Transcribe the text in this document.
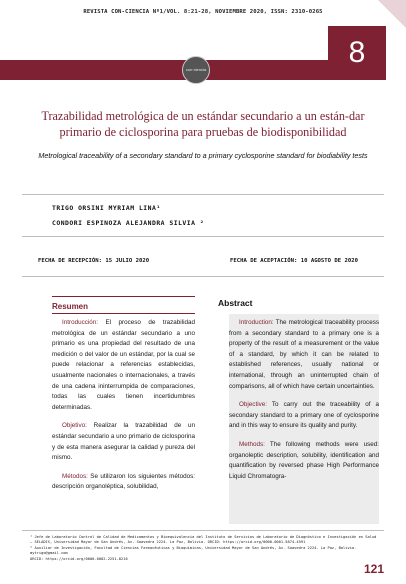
REVISTA CON-CIENCIA Nº1/VOL. 8:21-28, NOVIEMBRE 2020, ISSN: 2310-0265
8
con·ciencia
Trazabilidad metrológica de un estándar secundario a un están-dar primario de ciclosporina para pruebas de biodisponibilidad
Metrological traceability of a secondary standard to a primary cyclosporine standard for biodiability tests
TRIGO ORSINI MYRIAM LINA¹
CONDORI ESPINOZA ALEJANDRA SILVIA ²
FECHA DE RECEPCIÓN: 15 JULIO 2020	FECHA DE ACEPTACIÓN: 10 AGOSTO DE 2020
Resumen	Abstract

Introducción: El proceso de trazabilidad metrológica de un estándar secundario a uno primario es una propiedad del resultado de una medición o del valor de un estándar, por la cual se puede relacionar a referencias establecidas, usualmente nacionales o internacionales, a través de una cadena ininterrumpida de comparaciones, todas las cuales tienen incertidumbres determinadas.

Objetivo: Realizar la trazabilidad de un estándar secundario a uno primario de ciclosporina y de esta manera asegurar la calidad y pureza del mismo.

Métodos: Se utilizaron los siguientes métodos: descripción organoléptica, solubilidad,

Introduction: The metrological traceability process from a secondary standard to a primary one is a property of the result of a measurement or the value of a standard, by which it can be related to established references, usually national or international, through an uninterrupted chain of comparisons, all of which have certain uncertainties.

Objective: To carry out the traceability of a secondary standard to a primary one of cyclosporine and in this way to ensure its quality and purity.

Methods: The following methods were used: organoleptic description, solubility, identification and quantification by reversed phase High Performance Liquid Chromatogra-

¹ Jefe de Laboratorio Control de Calidad de Medicamentos y Bioequivalencia del Instituto de Servicios de Laboratorio de Diagnóstico e Investigación en Salud – SELADIS, Universidad Mayor de San Andrés, Av. Saavedra 2224. La Paz, Bolivia. ORCID: https://orcid.org/0000-0001-5874-4591
² Auxiliar de Investigación, Facultad de Ciencias Farmacéuticas y Bioquímicas, Universidad Mayor de San Andrés, Av. Saavedra 2224. La Paz, Bolivia. mytrigo@gmail.com
ORCID: https://orcid.org/0000-0002-2251-8216
121
